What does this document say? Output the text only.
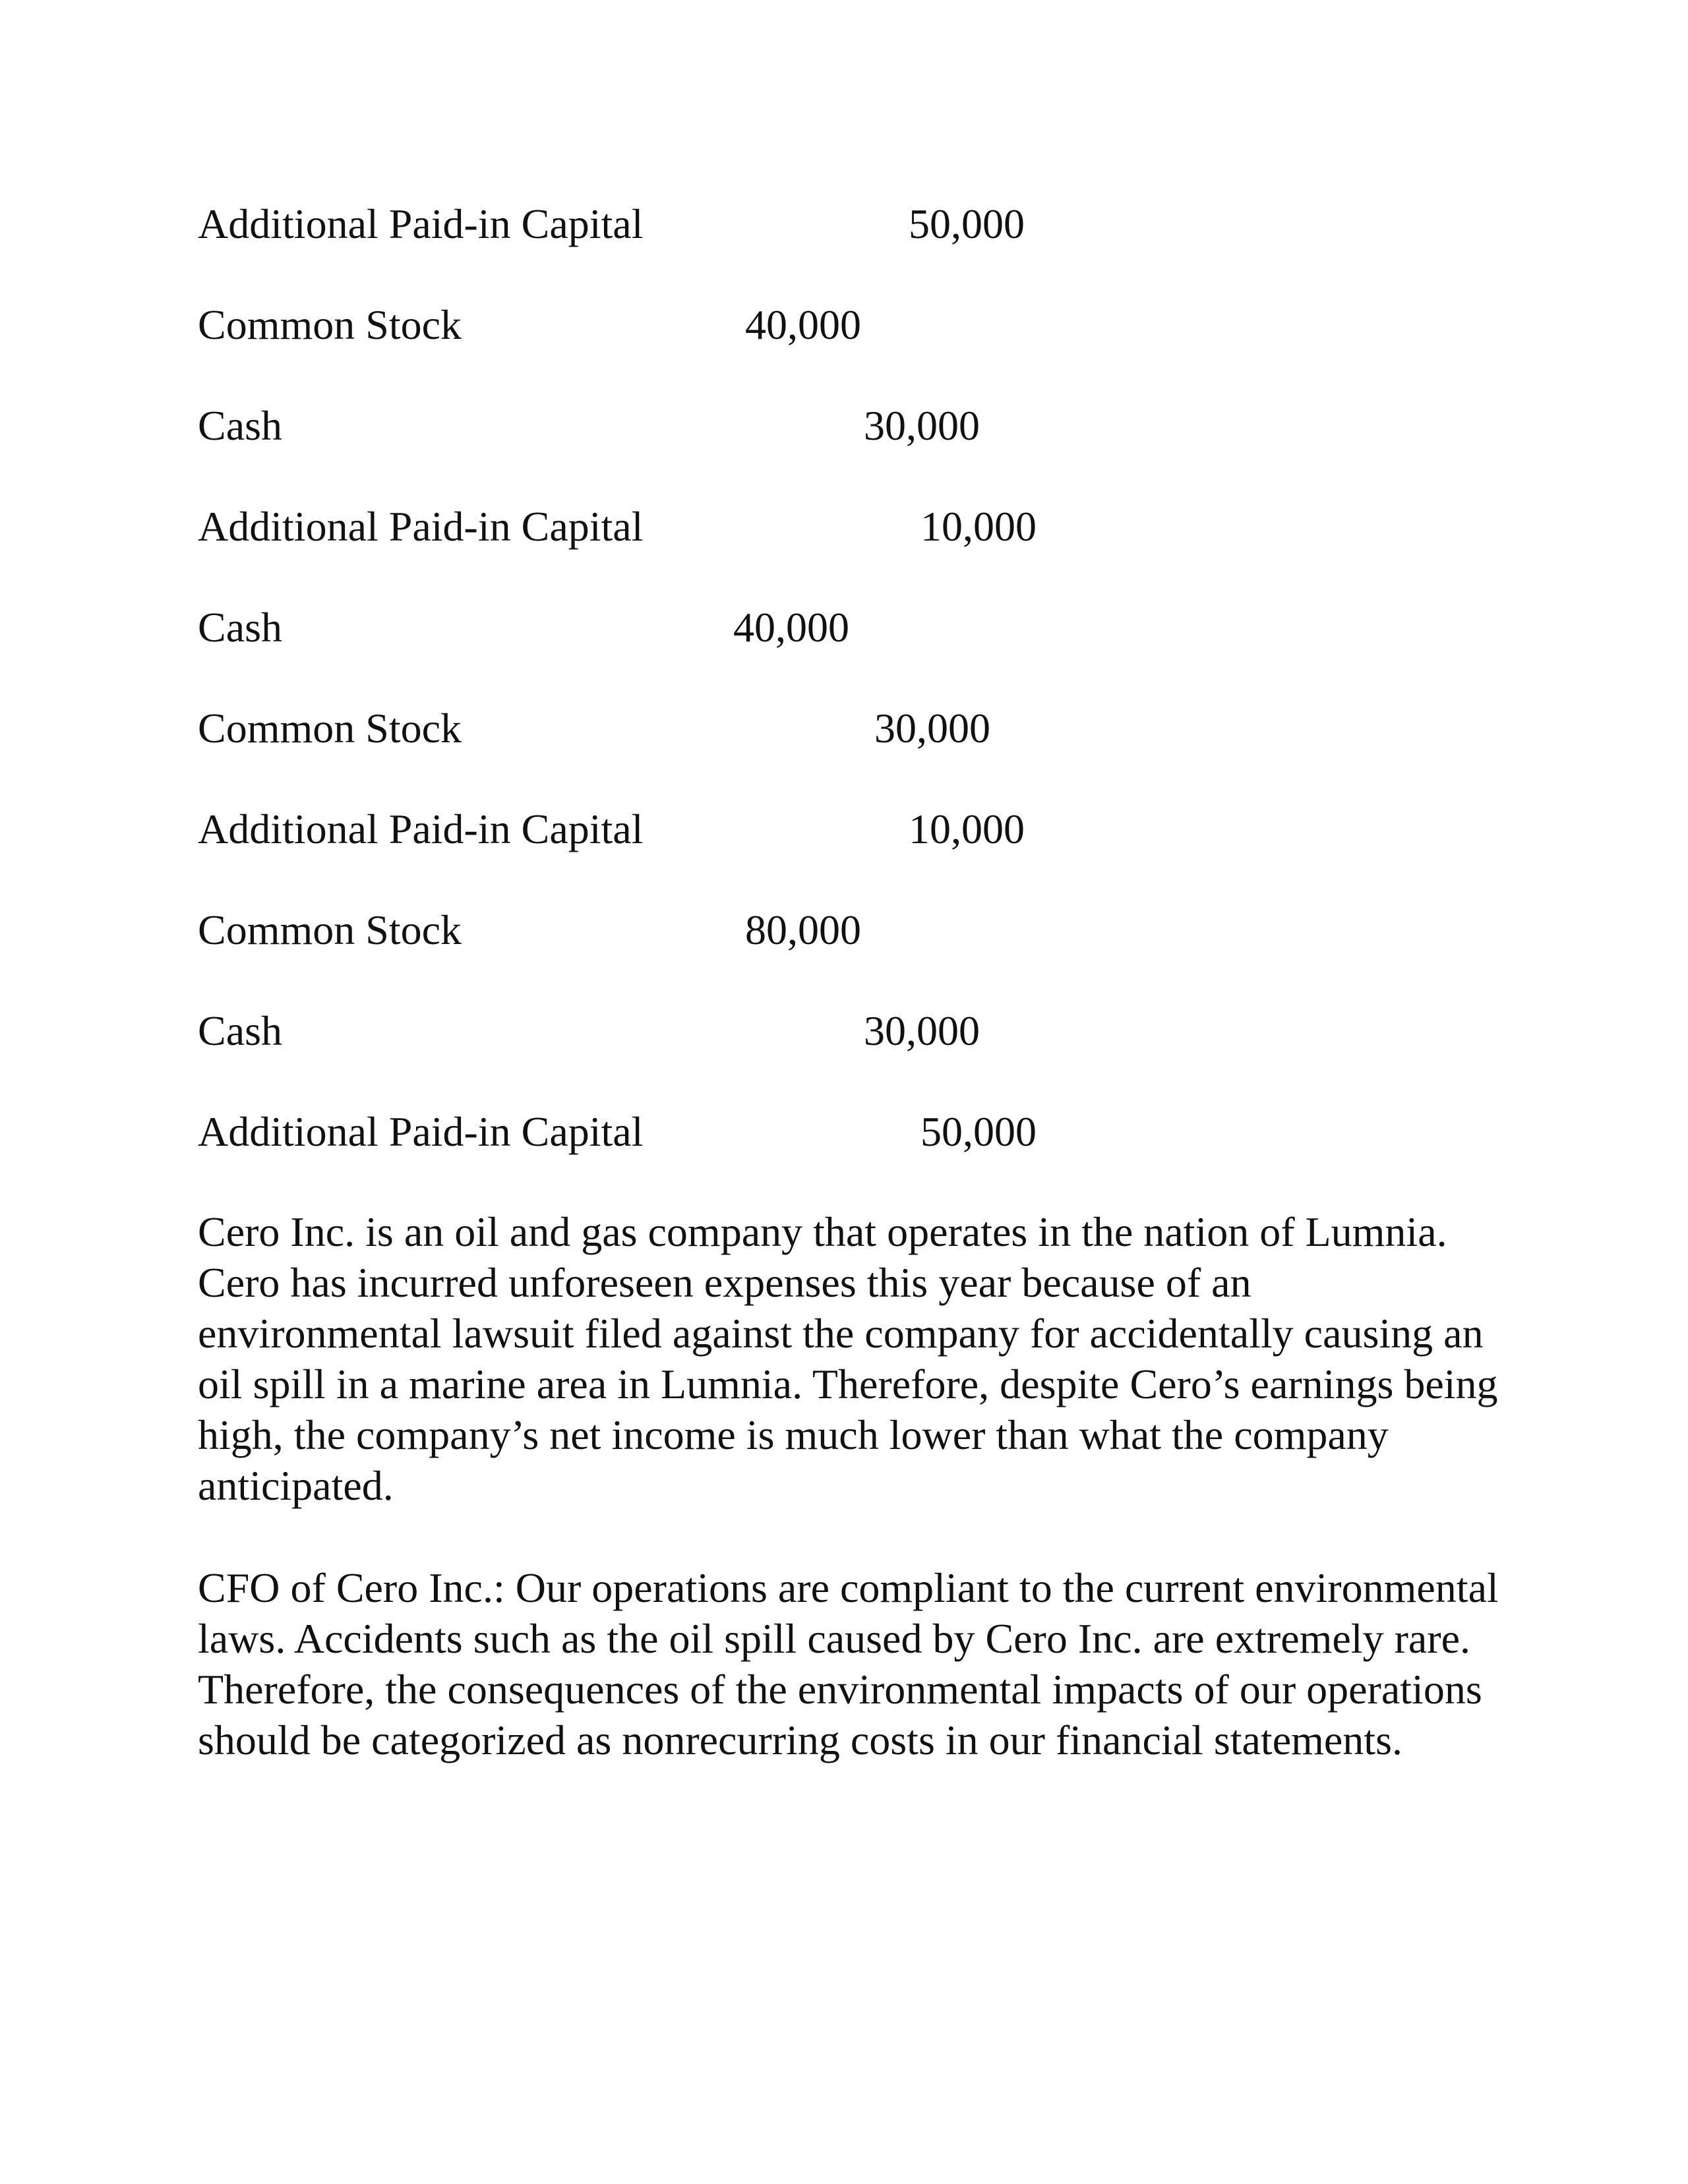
Additional Paid-in Capital	50,000
Common Stock	40,000
Cash	30,000
Additional Paid-in Capital	10,000
Cash	40,000
Common Stock	30,000
Additional Paid-in Capital	10,000
Common Stock	80,000
Cash	30,000
Additional Paid-in Capital	50,000

Cero Inc. is an oil and gas company that operates in the nation of Lumnia. Cero has incurred unforeseen expenses this year because of an environmental lawsuit filed against the company for accidentally causing an oil spill in a marine area in Lumnia. Therefore, despite Cero’s earnings being high, the company’s net income is much lower than what the company anticipated.

CFO of Cero Inc.: Our operations are compliant to the current environmental laws. Accidents such as the oil spill caused by Cero Inc. are extremely rare. Therefore, the consequences of the environmental impacts of our operations should be categorized as nonrecurring costs in our financial statements.
